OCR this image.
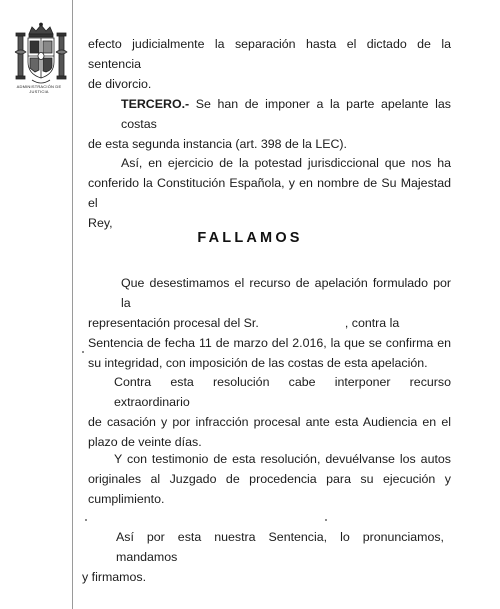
ADMINISTRACIÓN DE JUSTICIA
efecto judicialmente la separación hasta el dictado de la sentencia
de divorcio.
TERCERO.- Se han de imponer a la parte apelante las costas
de esta segunda instancia (art. 398 de la LEC).
Así, en ejercicio de la potestad jurisdiccional que nos ha
conferido la Constitución Española, y en nombre de Su Majestad el
Rey,
FALLAMOS
Que desestimamos el recurso de apelación formulado por la
representación procesal del Sr.                         , contra la
Sentencia de fecha 11 de marzo del 2.016, la que se confirma en
su integridad, con imposición de las costas de esta apelación.
Contra esta resolución cabe interponer recurso extraordinario
de casación y por infracción procesal ante esta Audiencia en el
plazo de veinte días.
Y con testimonio de esta resolución, devuélvanse los autos
originales al Juzgado de procedencia para su ejecución y
cumplimiento.
Así por esta nuestra Sentencia, lo pronunciamos, mandamos
y firmamos.
